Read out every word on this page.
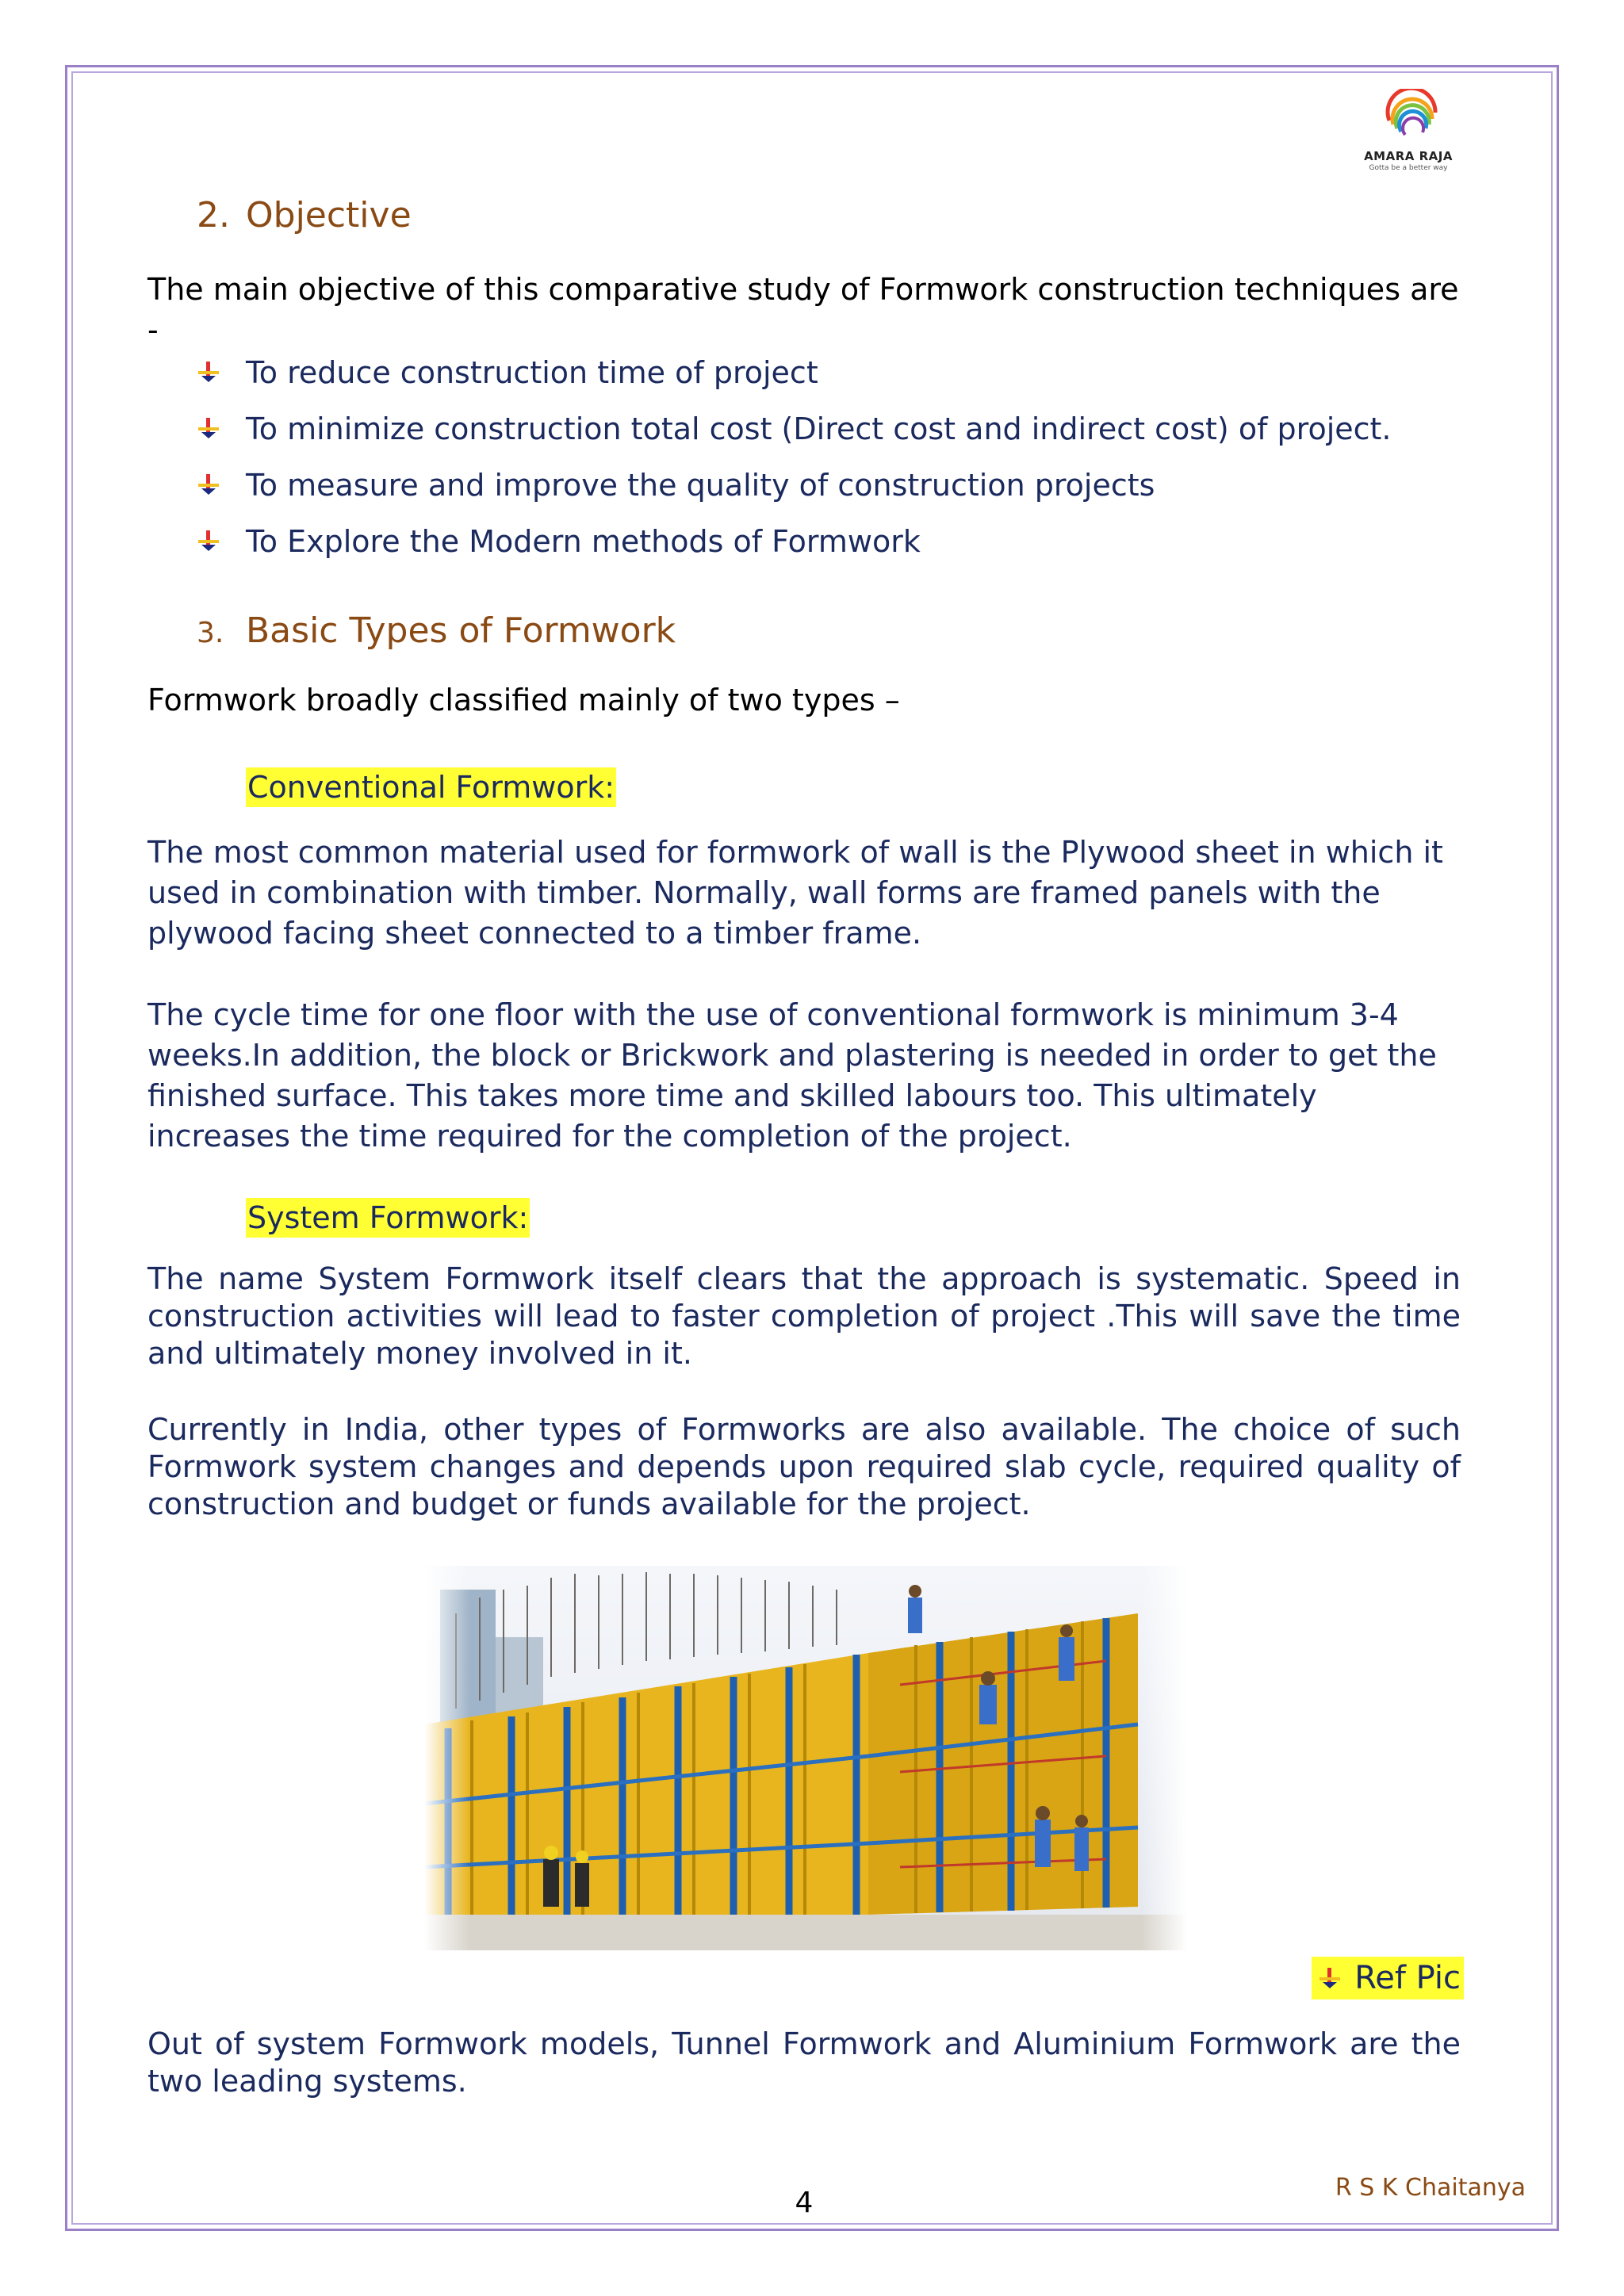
AMARA RAJA
Gotta be a better way
2. Objective
The main objective of this comparative study of Formwork construction techniques are -
To reduce construction time of project
To minimize construction total cost (Direct cost and indirect cost) of project.
To measure and improve the quality of construction projects
To Explore the Modern methods of Formwork
3. Basic Types of Formwork
Formwork broadly classified mainly of two types –
Conventional Formwork:
The most common material used for formwork of wall is the Plywood sheet in which it used in combination with timber. Normally, wall forms are framed panels with the plywood facing sheet connected to a timber frame.
The cycle time for one floor with the use of conventional formwork is minimum 3-4 weeks.In addition, the block or Brickwork and plastering is needed in order to get the finished surface. This takes more time and skilled labours too. This ultimately increases the time required for the completion of the project.
System Formwork:
The name System Formwork itself clears that the approach is systematic. Speed in construction activities will lead to faster completion of project .This will save the time and ultimately money involved in it.
Currently in India, other types of Formworks are also available. The choice of such Formwork system changes and depends upon required slab cycle, required quality of construction and budget or funds available for the project.
Ref Pic
Out of system Formwork models, Tunnel Formwork and Aluminium Formwork are the two leading systems.
4	R S K Chaitanya
